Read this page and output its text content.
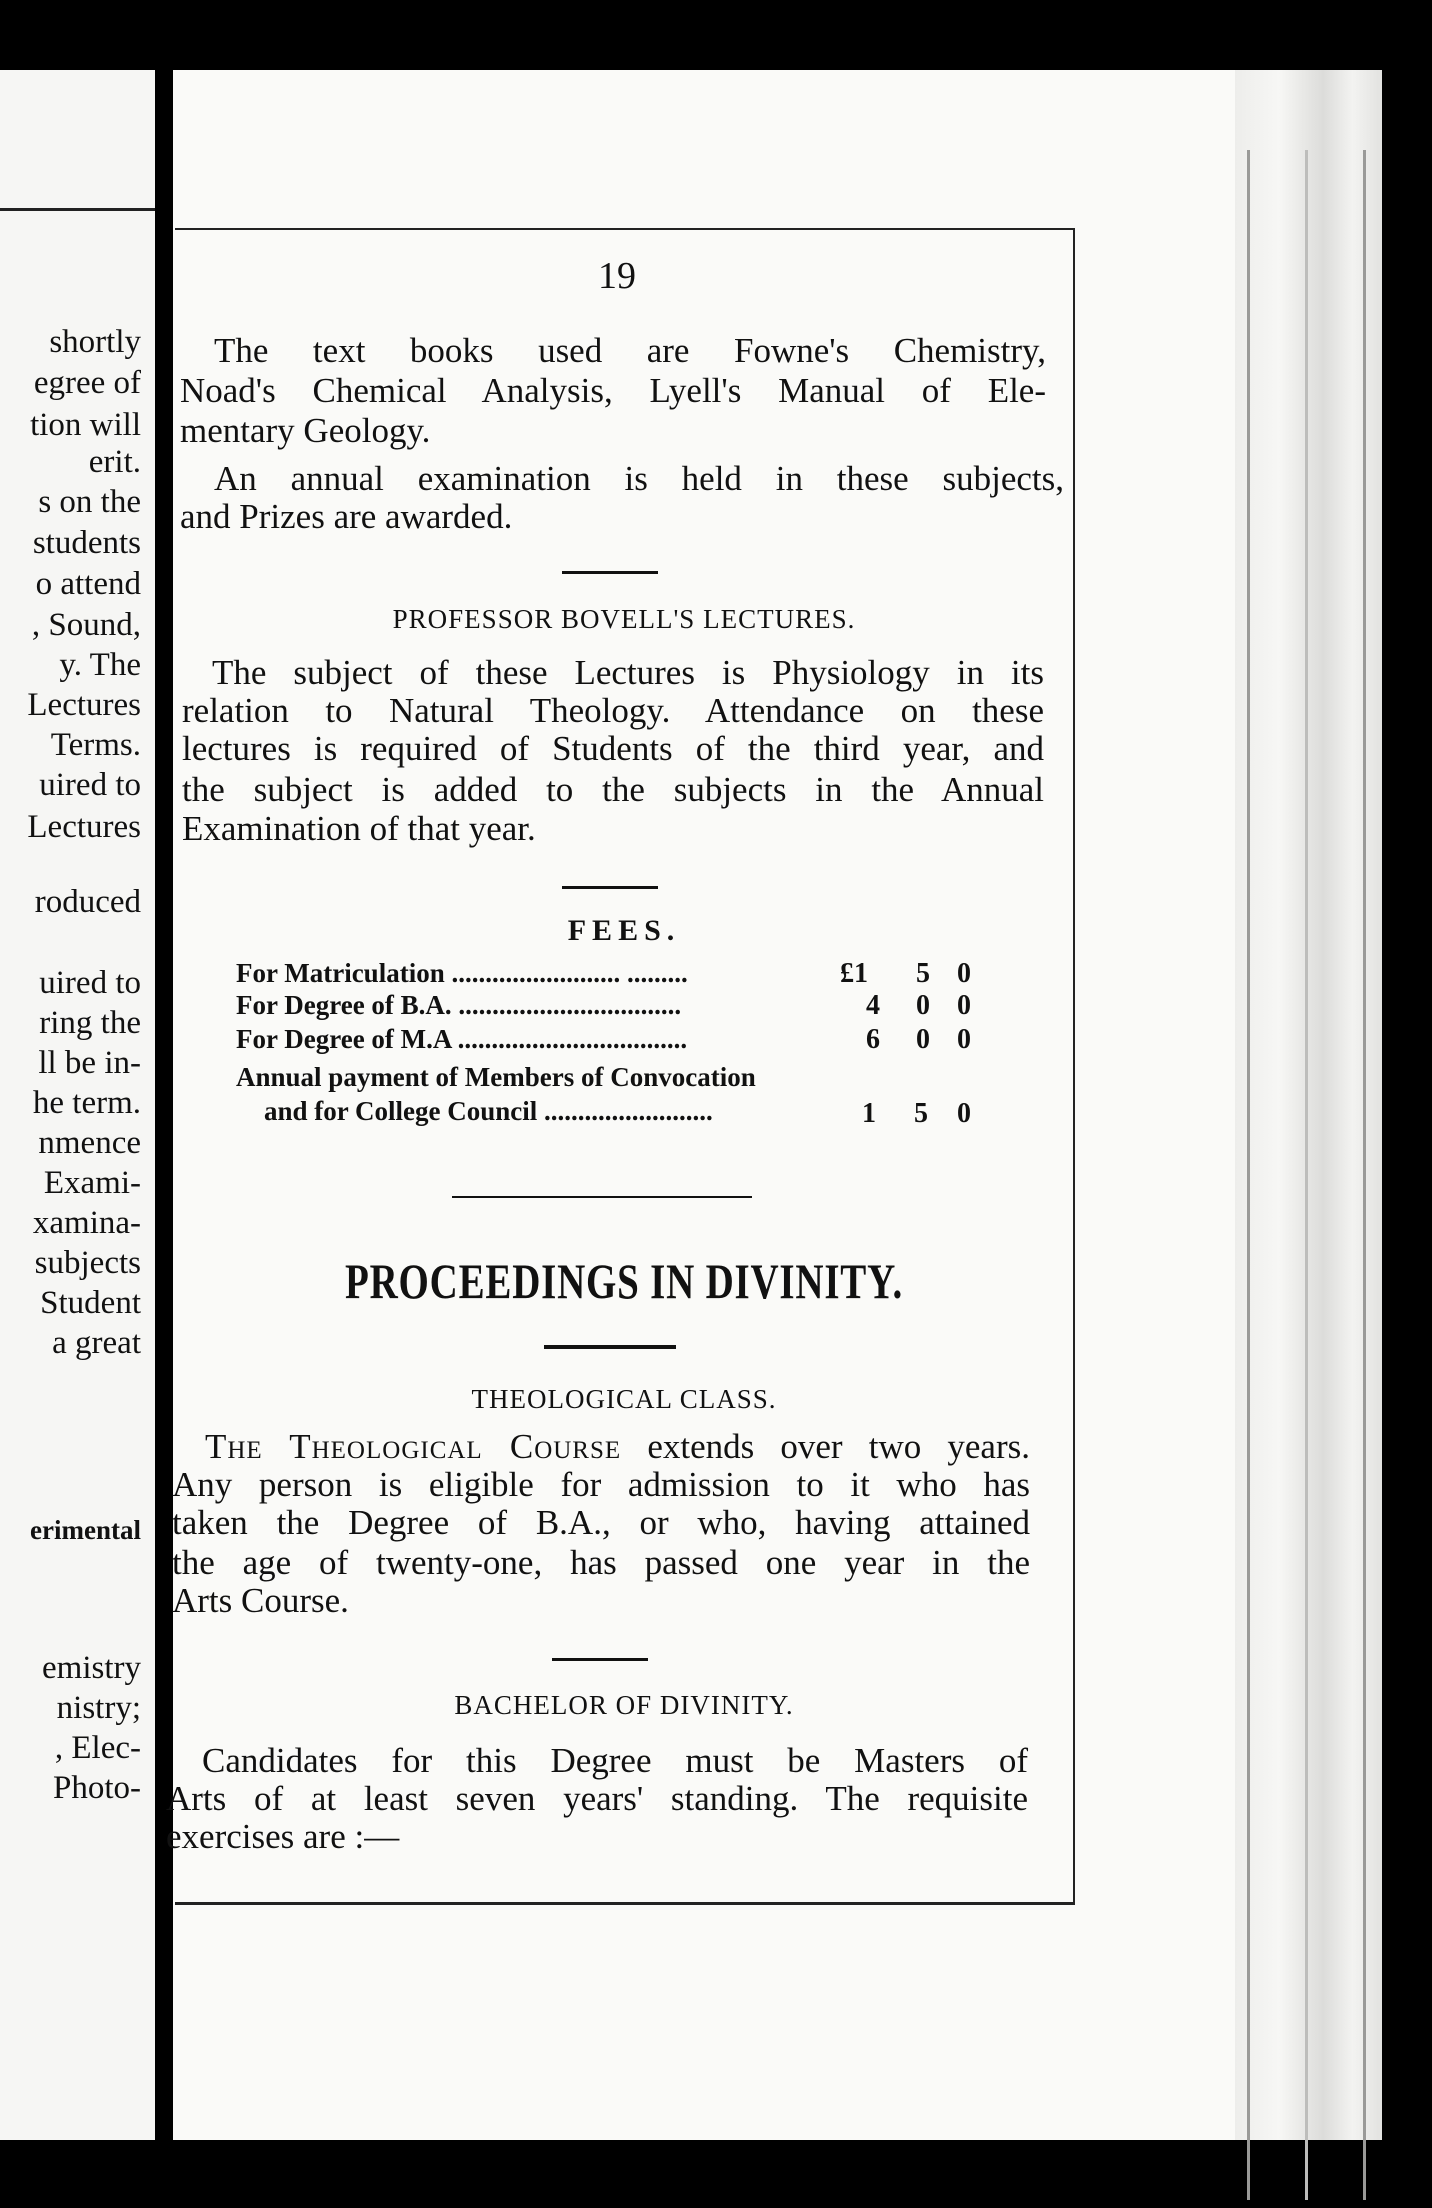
shortly
egree of
tion will
erit.
s on the
students
o attend
, Sound,
y. The
Lectures
Terms.
uired to
Lectures
roduced
uired to
ring the
ll be in-
he term.
nmence
Exami-
xamina-
subjects
Student
a great
erimental
emistry
nistry;
, Elec-
Photo-
19
The text books used are Fowne's Chemistry,
Noad's Chemical Analysis, Lyell's Manual of Ele-
mentary Geology.
An annual examination is held in these subjects,
and Prizes are awarded.
PROFESSOR BOVELL'S LECTURES.
The subject of these Lectures is Physiology in its
relation to Natural Theology. Attendance on these
lectures is required of Students of the third year, and
the subject is added to the subjects in the Annual
Examination of that year.
FEES.
For Matriculation ......................... .........	£1 5 0
For Degree of B.A. .................................	4 0 0
For Degree of M.A ..................................	6 0 0
Annual payment of Members of Convocation
and for College Council .........................	1 5 0
PROCEEDINGS IN DIVINITY.
THEOLOGICAL CLASS.
The Theological Course extends over two years.
Any person is eligible for admission to it who has
taken the Degree of B.A., or who, having attained
the age of twenty-one, has passed one year in the
Arts Course.
BACHELOR OF DIVINITY.
Candidates for this Degree must be Masters of
Arts of at least seven years' standing. The requisite
exercises are :—
